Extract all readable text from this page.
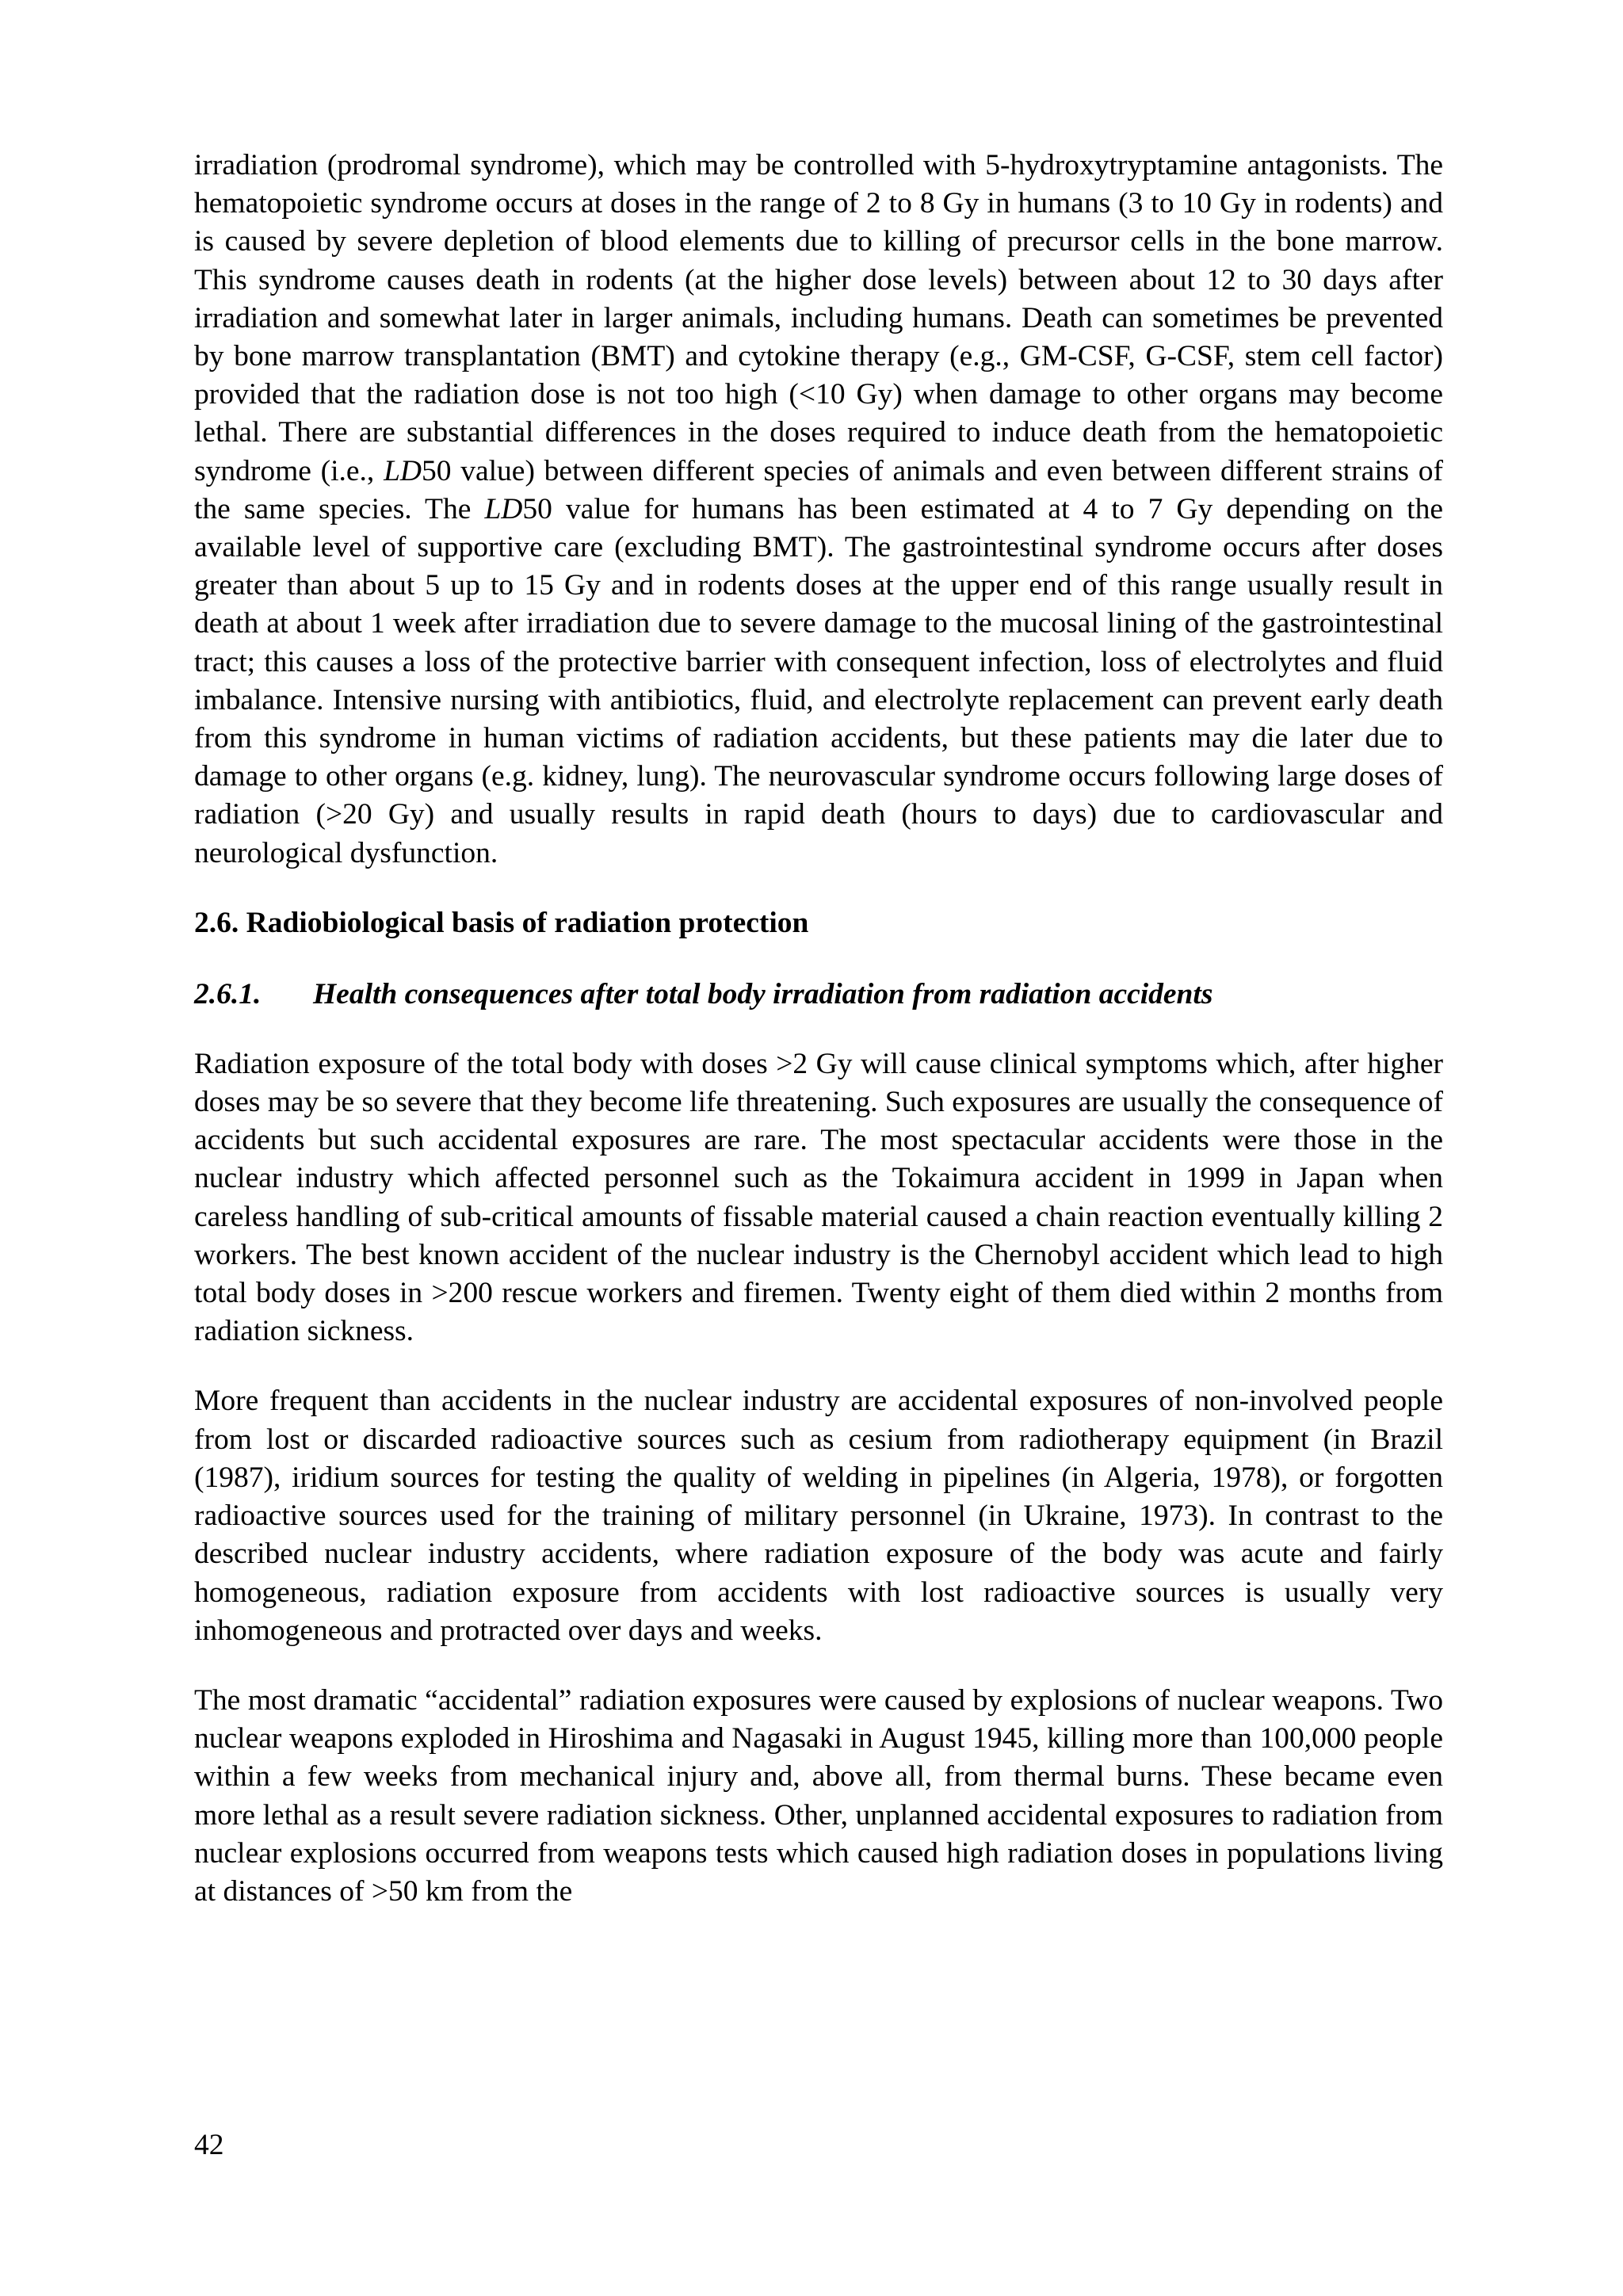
irradiation (prodromal syndrome), which may be controlled with 5-hydroxytryptamine antagonists. The hematopoietic syndrome occurs at doses in the range of 2 to 8 Gy in humans (3 to 10 Gy in rodents) and is caused by severe depletion of blood elements due to killing of precursor cells in the bone marrow. This syndrome causes death in rodents (at the higher dose levels) between about 12 to 30 days after irradiation and somewhat later in larger animals, including humans. Death can sometimes be prevented by bone marrow transplantation (BMT) and cytokine therapy (e.g., GM-CSF, G-CSF, stem cell factor) provided that the radiation dose is not too high (<10 Gy) when damage to other organs may become lethal. There are substantial differences in the doses required to induce death from the hematopoietic syndrome (i.e., LD50 value) between different species of animals and even between different strains of the same species. The LD50 value for humans has been estimated at 4 to 7 Gy depending on the available level of supportive care (excluding BMT). The gastrointestinal syndrome occurs after doses greater than about 5 up to 15 Gy and in rodents doses at the upper end of this range usually result in death at about 1 week after irradiation due to severe damage to the mucosal lining of the gastrointestinal tract; this causes a loss of the protective barrier with consequent infection, loss of electrolytes and fluid imbalance. Intensive nursing with antibiotics, fluid, and electrolyte replacement can prevent early death from this syndrome in human victims of radiation accidents, but these patients may die later due to damage to other organs (e.g. kidney, lung). The neurovascular syndrome occurs following large doses of radiation (>20 Gy) and usually results in rapid death (hours to days) due to cardiovascular and neurological dysfunction.

2.6. Radiobiological basis of radiation protection
2.6.1. Health consequences after total body irradiation from radiation accidents

Radiation exposure of the total body with doses >2 Gy will cause clinical symptoms which, after higher doses may be so severe that they become life threatening. Such exposures are usually the consequence of accidents but such accidental exposures are rare. The most spectacular accidents were those in the nuclear industry which affected personnel such as the Tokaimura accident in 1999 in Japan when careless handling of sub-critical amounts of fissable material caused a chain reaction eventually killing 2 workers. The best known accident of the nuclear industry is the Chernobyl accident which lead to high total body doses in >200 rescue workers and firemen. Twenty eight of them died within 2 months from radiation sickness.

More frequent than accidents in the nuclear industry are accidental exposures of non-involved people from lost or discarded radioactive sources such as cesium from radiotherapy equipment (in Brazil (1987), iridium sources for testing the quality of welding in pipelines (in Algeria, 1978), or forgotten radioactive sources used for the training of military personnel (in Ukraine, 1973). In contrast to the described nuclear industry accidents, where radiation exposure of the body was acute and fairly homogeneous, radiation exposure from accidents with lost radioactive sources is usually very inhomogeneous and protracted over days and weeks.

The most dramatic “accidental” radiation exposures were caused by explosions of nuclear weapons. Two nuclear weapons exploded in Hiroshima and Nagasaki in August 1945, killing more than 100,000 people within a few weeks from mechanical injury and, above all, from thermal burns. These became even more lethal as a result severe radiation sickness. Other, unplanned accidental exposures to radiation from nuclear explosions occurred from weapons tests which caused high radiation doses in populations living at distances of >50 km from the

42
